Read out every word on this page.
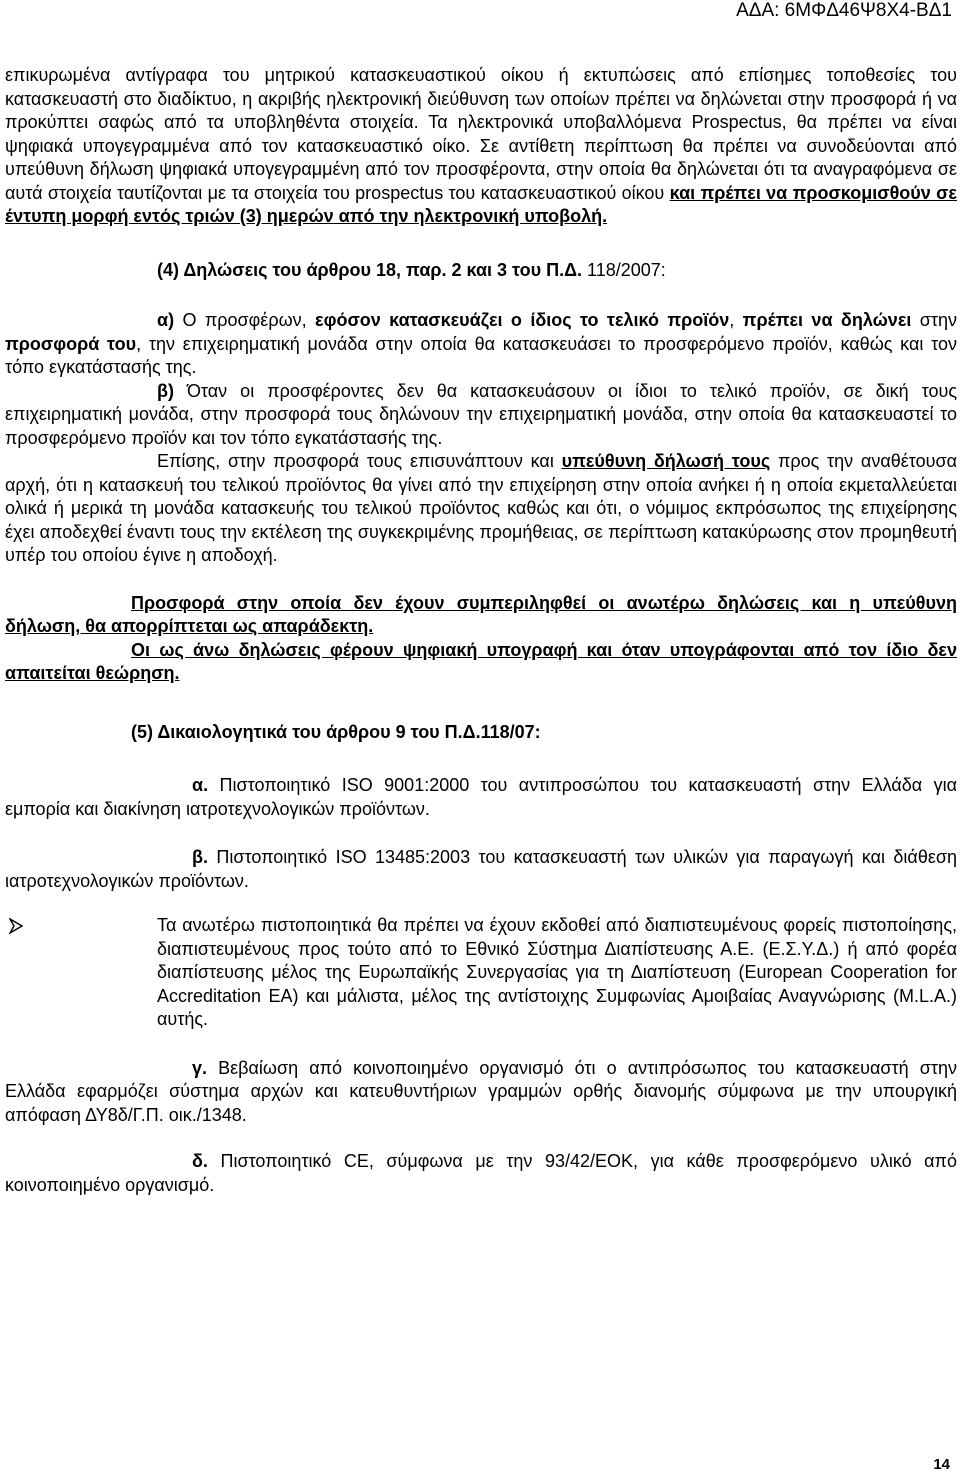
ΑΔΑ: 6ΜΦΔ46Ψ8Χ4-ΒΔ1

επικυρωμένα αντίγραφα του μητρικού κατασκευαστικού οίκου ή εκτυπώσεις από επίσημες τοποθεσίες του κατασκευαστή στο διαδίκτυο, η ακριβής ηλεκτρονική διεύθυνση των οποίων πρέπει να δηλώνεται στην προσφορά ή να προκύπτει σαφώς από τα υποβληθέντα στοιχεία. Τα ηλεκτρονικά υποβαλλόμενα Prospectus, θα πρέπει να είναι ψηφιακά υπογεγραμμένα από τον κατασκευαστικό οίκο. Σε αντίθετη περίπτωση θα πρέπει να συνοδεύονται από υπεύθυνη δήλωση ψηφιακά υπογεγραμμένη από τον προσφέροντα, στην οποία θα δηλώνεται ότι τα αναγραφόμενα σε αυτά στοιχεία ταυτίζονται με τα στοιχεία του prospectus του κατασκευαστικού οίκου και πρέπει να προσκομισθούν σε έντυπη μορφή εντός τριών (3) ημερών από την ηλεκτρονική υποβολή.

(4) Δηλώσεις του άρθρου 18, παρ. 2 και 3 του Π.Δ. 118/2007:

α) Ο προσφέρων, εφόσον κατασκευάζει ο ίδιος το τελικό προϊόν, πρέπει να δηλώνει στην προσφορά του, την επιχειρηματική μονάδα στην οποία θα κατασκευάσει το προσφερόμενο προϊόν, καθώς και τον τόπο εγκατάστασής της.

β) Όταν οι προσφέροντες δεν θα κατασκευάσουν οι ίδιοι το τελικό προϊόν, σε δική τους επιχειρηματική μονάδα, στην προσφορά τους δηλώνουν την επιχειρηματική μονάδα, στην οποία θα κατασκευαστεί το προσφερόμενο προϊόν και τον τόπο εγκατάστασής της.

Επίσης, στην προσφορά τους επισυνάπτουν και υπεύθυνη δήλωσή τους προς την αναθέτουσα αρχή, ότι η κατασκευή του τελικού προϊόντος θα γίνει από την επιχείρηση στην οποία ανήκει ή η οποία εκμεταλλεύεται ολικά ή μερικά τη μονάδα κατασκευής του τελικού προϊόντος καθώς και ότι, ο νόμιμος εκπρόσωπος της επιχείρησης έχει αποδεχθεί έναντι τους την εκτέλεση της συγκεκριμένης προμήθειας, σε περίπτωση κατακύρωσης στον προμηθευτή υπέρ του οποίου έγινε η αποδοχή.

Προσφορά στην οποία δεν έχουν συμπεριληφθεί οι ανωτέρω δηλώσεις και η υπεύθυνη δήλωση, θα απορρίπτεται ως απαράδεκτη.

Οι ως άνω δηλώσεις φέρουν ψηφιακή υπογραφή και όταν υπογράφονται από τον ίδιο δεν απαιτείται θεώρηση.

(5) Δικαιολογητικά του άρθρου 9 του Π.Δ.118/07:

α. Πιστοποιητικό ISO 9001:2000 του αντιπροσώπου του κατασκευαστή στην Ελλάδα για εμπορία και διακίνηση ιατροτεχνολογικών προϊόντων.

β. Πιστοποιητικό ISO 13485:2003 του κατασκευαστή των υλικών για παραγωγή και διάθεση ιατροτεχνολογικών προϊόντων.

Τα ανωτέρω πιστοποιητικά θα πρέπει να έχουν εκδοθεί από διαπιστευμένους φορείς πιστοποίησης, διαπιστευμένους προς τούτο από το Εθνικό Σύστημα Διαπίστευσης Α.Ε. (Ε.Σ.Υ.Δ.) ή από φορέα διαπίστευσης μέλος της Ευρωπαϊκής Συνεργασίας για τη Διαπίστευση (European Cooperation for Accreditation EA) και μάλιστα, μέλος της αντίστοιχης Συμφωνίας Αμοιβαίας Αναγνώρισης (M.L.A.) αυτής.

γ. Βεβαίωση από κοινοποιημένο οργανισμό ότι ο αντιπρόσωπος του κατασκευαστή στην Ελλάδα εφαρμόζει σύστημα αρχών και κατευθυντήριων γραμμών ορθής διανομής σύμφωνα με την υπουργική απόφαση ΔΥ8δ/Γ.Π. οικ./1348.

δ. Πιστοποιητικό CE, σύμφωνα με την 93/42/ΕΟΚ, για κάθε προσφερόμενο υλικό από κοινοποιημένο οργανισμό.

14
